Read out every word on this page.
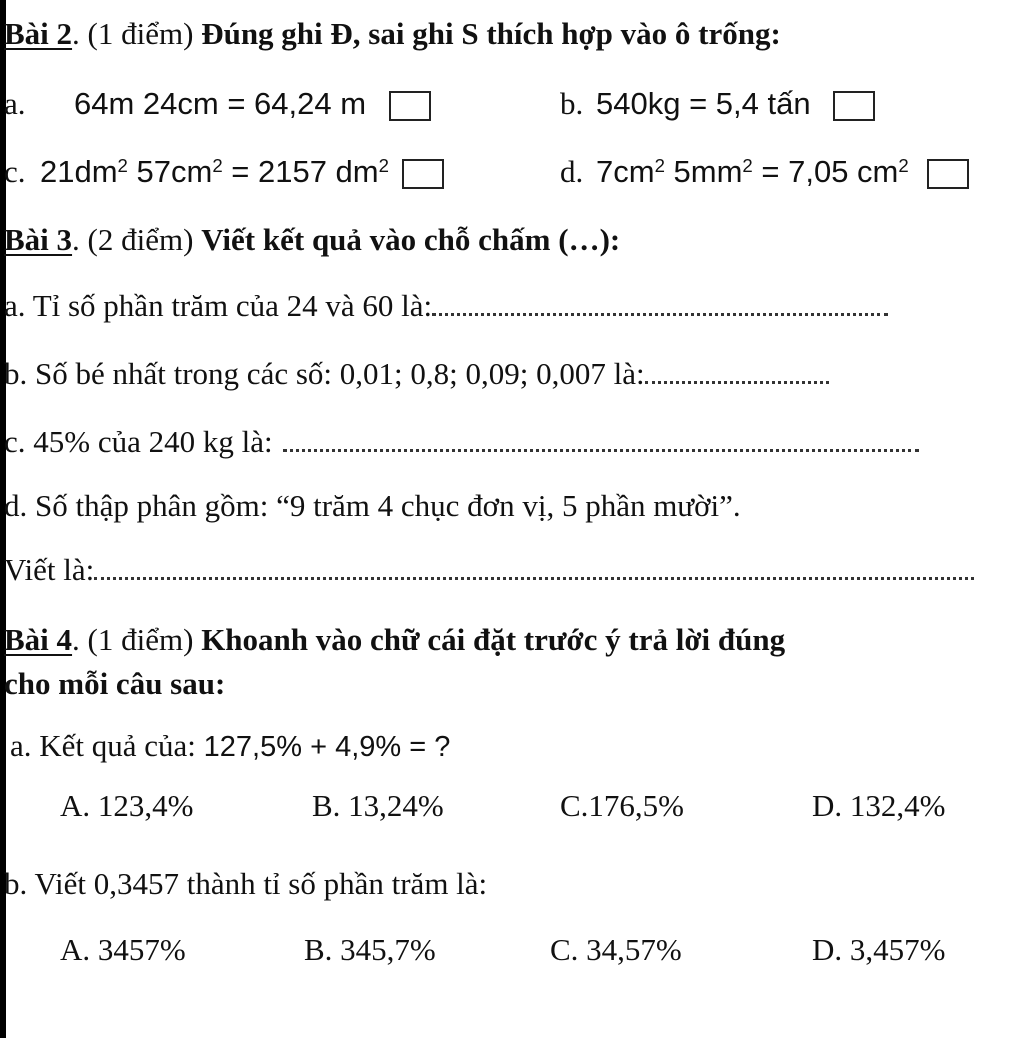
Bài 2. (1 điểm) Đúng ghi Đ, sai ghi S thích hợp vào ô trống:
a. 64m 24cm = 64,24 m	b. 540kg = 5,4 tấn
c. $21dm^2$ $57cm^2 = 2157$ $dm^2$	d. $7cm^2$ $5mm^2 = 7,05$ $cm^2$
Bài 3. (2 điểm) Viết kết quả vào chỗ chấm (…):
a. Tỉ số phần trăm của 24 và 60 là:
b. Số bé nhất trong các số: 0,01; 0,8; 0,09; 0,007 là:
c. 45% của 240 kg là:
d. Số thập phân gồm: “9 trăm 4 chục đơn vị, 5 phần mười”.
Viết là:
Bài 4. (1 điểm) Khoanh vào chữ cái đặt trước ý trả lời đúng
cho mỗi câu sau:
a. Kết quả của: 127,5% + 4,9% = ?
A. 123,4%	B. 13,24%	C.176,5%	D. 132,4%
b. Viết 0,3457 thành tỉ số phần trăm là:
A. 3457%	B. 345,7%	C. 34,57%	D. 3,457%
